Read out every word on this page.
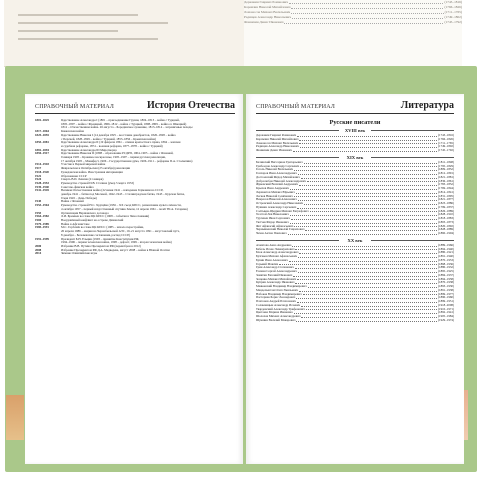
Державин Гавриил Романович	(1743–1816)
Карамзин Николай Михайлович	(1766–1826)
Ломоносов Михаил Васильевич	(1711–1765)
Радищев Александр Николаевич	(1749–1802)
Фонвизин Денис Иванович	(1745–1792)
СПРАВОЧНЫЙ МАТЕРИАЛ	История Отечества
1801–1825	Царствование Александра I (1801 – присоединение Грузии, 1804–1813 – война с Турцией,
1805–1807 – война с Францией, 1806–1812 – война с Турцией, 1808–1809 – война со Швецией)
1812 – Отечественная война. 26 августа – Бородинское сражение, 1813–1814 – заграничные походы
1817–1864	Кавказская война
1825–1855	Царствование Николая I (14 декабря 1825 – восстание декабристов, 1826–1828 – война
с Персией, 1828–1829 – война с Турцией, 1853–1856 – Крымская война)
1855–1881	Царствование Александра II (19 февраля 1861 – отмена крепостного права, 1864 – земская
и судебная реформы, 1874 – военная реформа, 1877–1878 – война с Турцией)
1881–1894	Царствование Александра III Миротворца
1894–1917	Царствование Николая II (1898 – образование РСДРП, 1904–1905 – война с Японией,
9 января 1905 – Кровавое воскресенье, 1905–1907 – первая русская революция,
17 октября 1905 – Манифест, 1906 – Государственная дума, 1906–1911 – реформы П.А. Столыпина)
1914–1918	Участие в Первой мировой войне
1917	Февральская и Октябрьская (25 октября) революции
1918–1920	Гражданская война. Иностранная интервенция
1922	Образование СССР
1924	Смерть В.И. Ленина (21 января)
1928–1953	Руководство страной И.В. Сталина (умер 5 марта 1953)
1939–1940	Советско-финская война
1941–1945	Великая Отечественная война (22 июня 1941 – нападение Германии на СССР,
декабрь 1941 – битва под Москвой, 1942–1943 – Сталинградская битва, 1943 – Курская битва,
9 мая 1945 – День Победы)
1945	Война с Японией
1953–1964	Руководство страной Н.С. Хрущёва (1956 – XX съезд КПСС, развенчание культа личности,
4 октября 1957 – первый искусственный спутник Земли, 12 апреля 1961 – полёт Ю.А. Гагарина)
1955	Организация Варшавского договора
1964–1982	Л.И. Брежнев во главе ЦК КПСС (1968 – события в Чехословакии)
1969	Вооружённый конфликт на острове Даманский
1979–1989	Война в Афганистане
1985–1991	М.С. Горбачёв во главе ЦК КПСС (1985 – начало перестройки,
26 апреля 1986 – авария на Чернобыльской АЭС, 19–21 августа 1991 – августовский путч,
8 декабря – Беловежские соглашения, распад СССР)
1991–1999	Президент Б.Н. Ельцин (1993 – принятие Конституции РФ,
1994–1996 – первая чеченская война, 1998 – дефолт, 1999 – вторая чеченская война)
2000	Избрание В.В. Путина Президентом РФ (переизбран в 2012)
2008	Избрание Президентом РФ Д.А. Медведева, август 2008 – война в Южной Осетии
2014	Зимние Олимпийские игры
СПРАВОЧНЫЙ МАТЕРИАЛ	Литература
Русские писатели
XVIII век
Державин Гавриил Романович	(1743–1816)
Карамзин Николай Михайлович	(1766–1826)
Ломоносов Михаил Васильевич	(1711–1765)
Радищев Александр Николаевич	(1749–1802)
Фонвизин Денис Иванович	(1745–1792)
XIX век
Белинский Виссарион Григорьевич	(1811–1848)
Грибоедов Александр Сергеевич	(1795–1829)
Гоголь Николай Васильевич	(1809–1852)
Гончаров Иван Александрович	(1812–1891)
Достоевский Фёдор Михайлович	(1821–1881)
Добролюбов Николай Александрович	(1836–1861)
Жуковский Василий Андреевич	(1783–1852)
Крылов Иван Андреевич	(1769–1844)
Лермонтов Михаил Юрьевич	(1814–1841)
Лесков Николай Семёнович	(1831–1895)
Некрасов Николай Алексеевич	(1821–1877)
Островский Александр Николаевич	(1823–1886)
Пушкин Александр Сергеевич	(1799–1837)
Салтыков-Щедрин Михаил Евграфович	(1826–1889)
Толстой Лев Николаевич	(1828–1910)
Тургенев Иван Сергеевич	(1818–1883)
Тютчев Фёдор Иванович	(1803–1873)
Фет Афанасий Афанасьевич	(1820–1892)
Чернышевский Николай Гаврилович	(1828–1889)
Чехов Антон Павлович	(1860–1904)
XX век
Ахматова Анна Андреевна	(1889–1966)
Бабель Исаак Эммануилович	(1894–1940)
Блок Александр Александрович	(1880–1921)
Булгаков Михаил Афанасьевич	(1891–1940)
Бунин Иван Алексеевич	(1870–1953)
Горький Максим	(1868–1936)
Грин Александр Степанович	(1880–1932)
Есенин Сергей Александрович	(1895–1925)
Замятин Евгений Иванович	(1884–1937)
Зощенко Михаил Михайлович	(1894–1958)
Куприн Александр Иванович	(1870–1938)
Маяковский Владимир Владимирович	(1893–1930)
Мандельштам Осип Эмильевич	(1891–1938)
Набоков Владимир Владимирович	(1899–1977)
Пастернак Борис Леонидович	(1890–1960)
Платонов Андрей Платонович	(1899–1951)
Солженицын Александр Исаевич	(1918–2008)
Твардовский Александр Трифонович	(1910–1971)
Цветаева Марина Ивановна	(1892–1941)
Шолохов Михаил Александрович	(1905–1984)
Шукшин Василий Макарович	(1929–1974)
